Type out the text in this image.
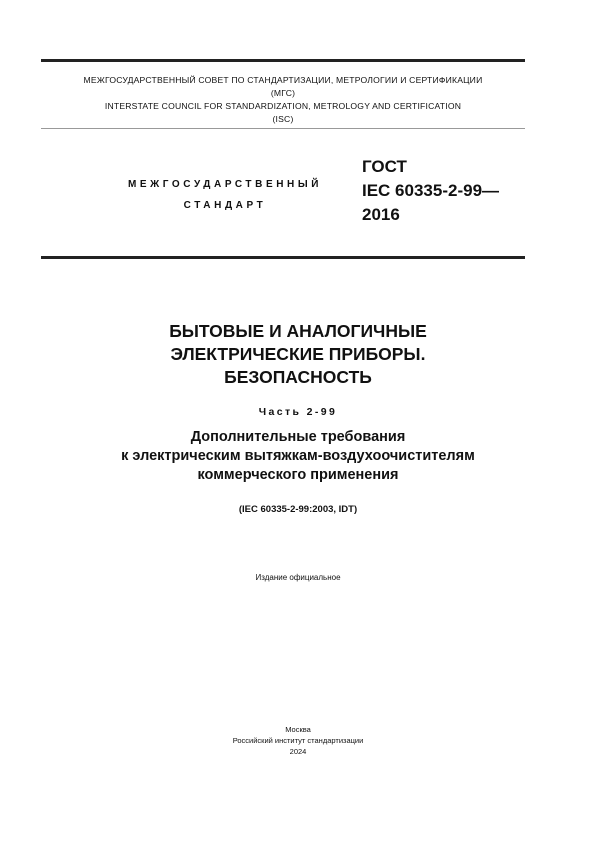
МЕЖГОСУДАРСТВЕННЫЙ СОВЕТ ПО СТАНДАРТИЗАЦИИ, МЕТРОЛОГИИ И СЕРТИФИКАЦИИ
(МГС)
INTERSTATE COUNCIL FOR STANDARDIZATION, METROLOGY AND CERTIFICATION
(ISC)
МЕЖГОСУДАРСТВЕННЫЙ
СТАНДАРТ
ГОСТ
IEC 60335-2-99—
2016
БЫТОВЫЕ И АНАЛОГИЧНЫЕ
ЭЛЕКТРИЧЕСКИЕ ПРИБОРЫ.
БЕЗОПАСНОСТЬ
Часть 2-99
Дополнительные требования
к электрическим вытяжкам-воздухоочистителям
коммерческого применения
(IEC 60335-2-99:2003, IDT)
Издание официальное
Москва
Российский институт стандартизации
2024
